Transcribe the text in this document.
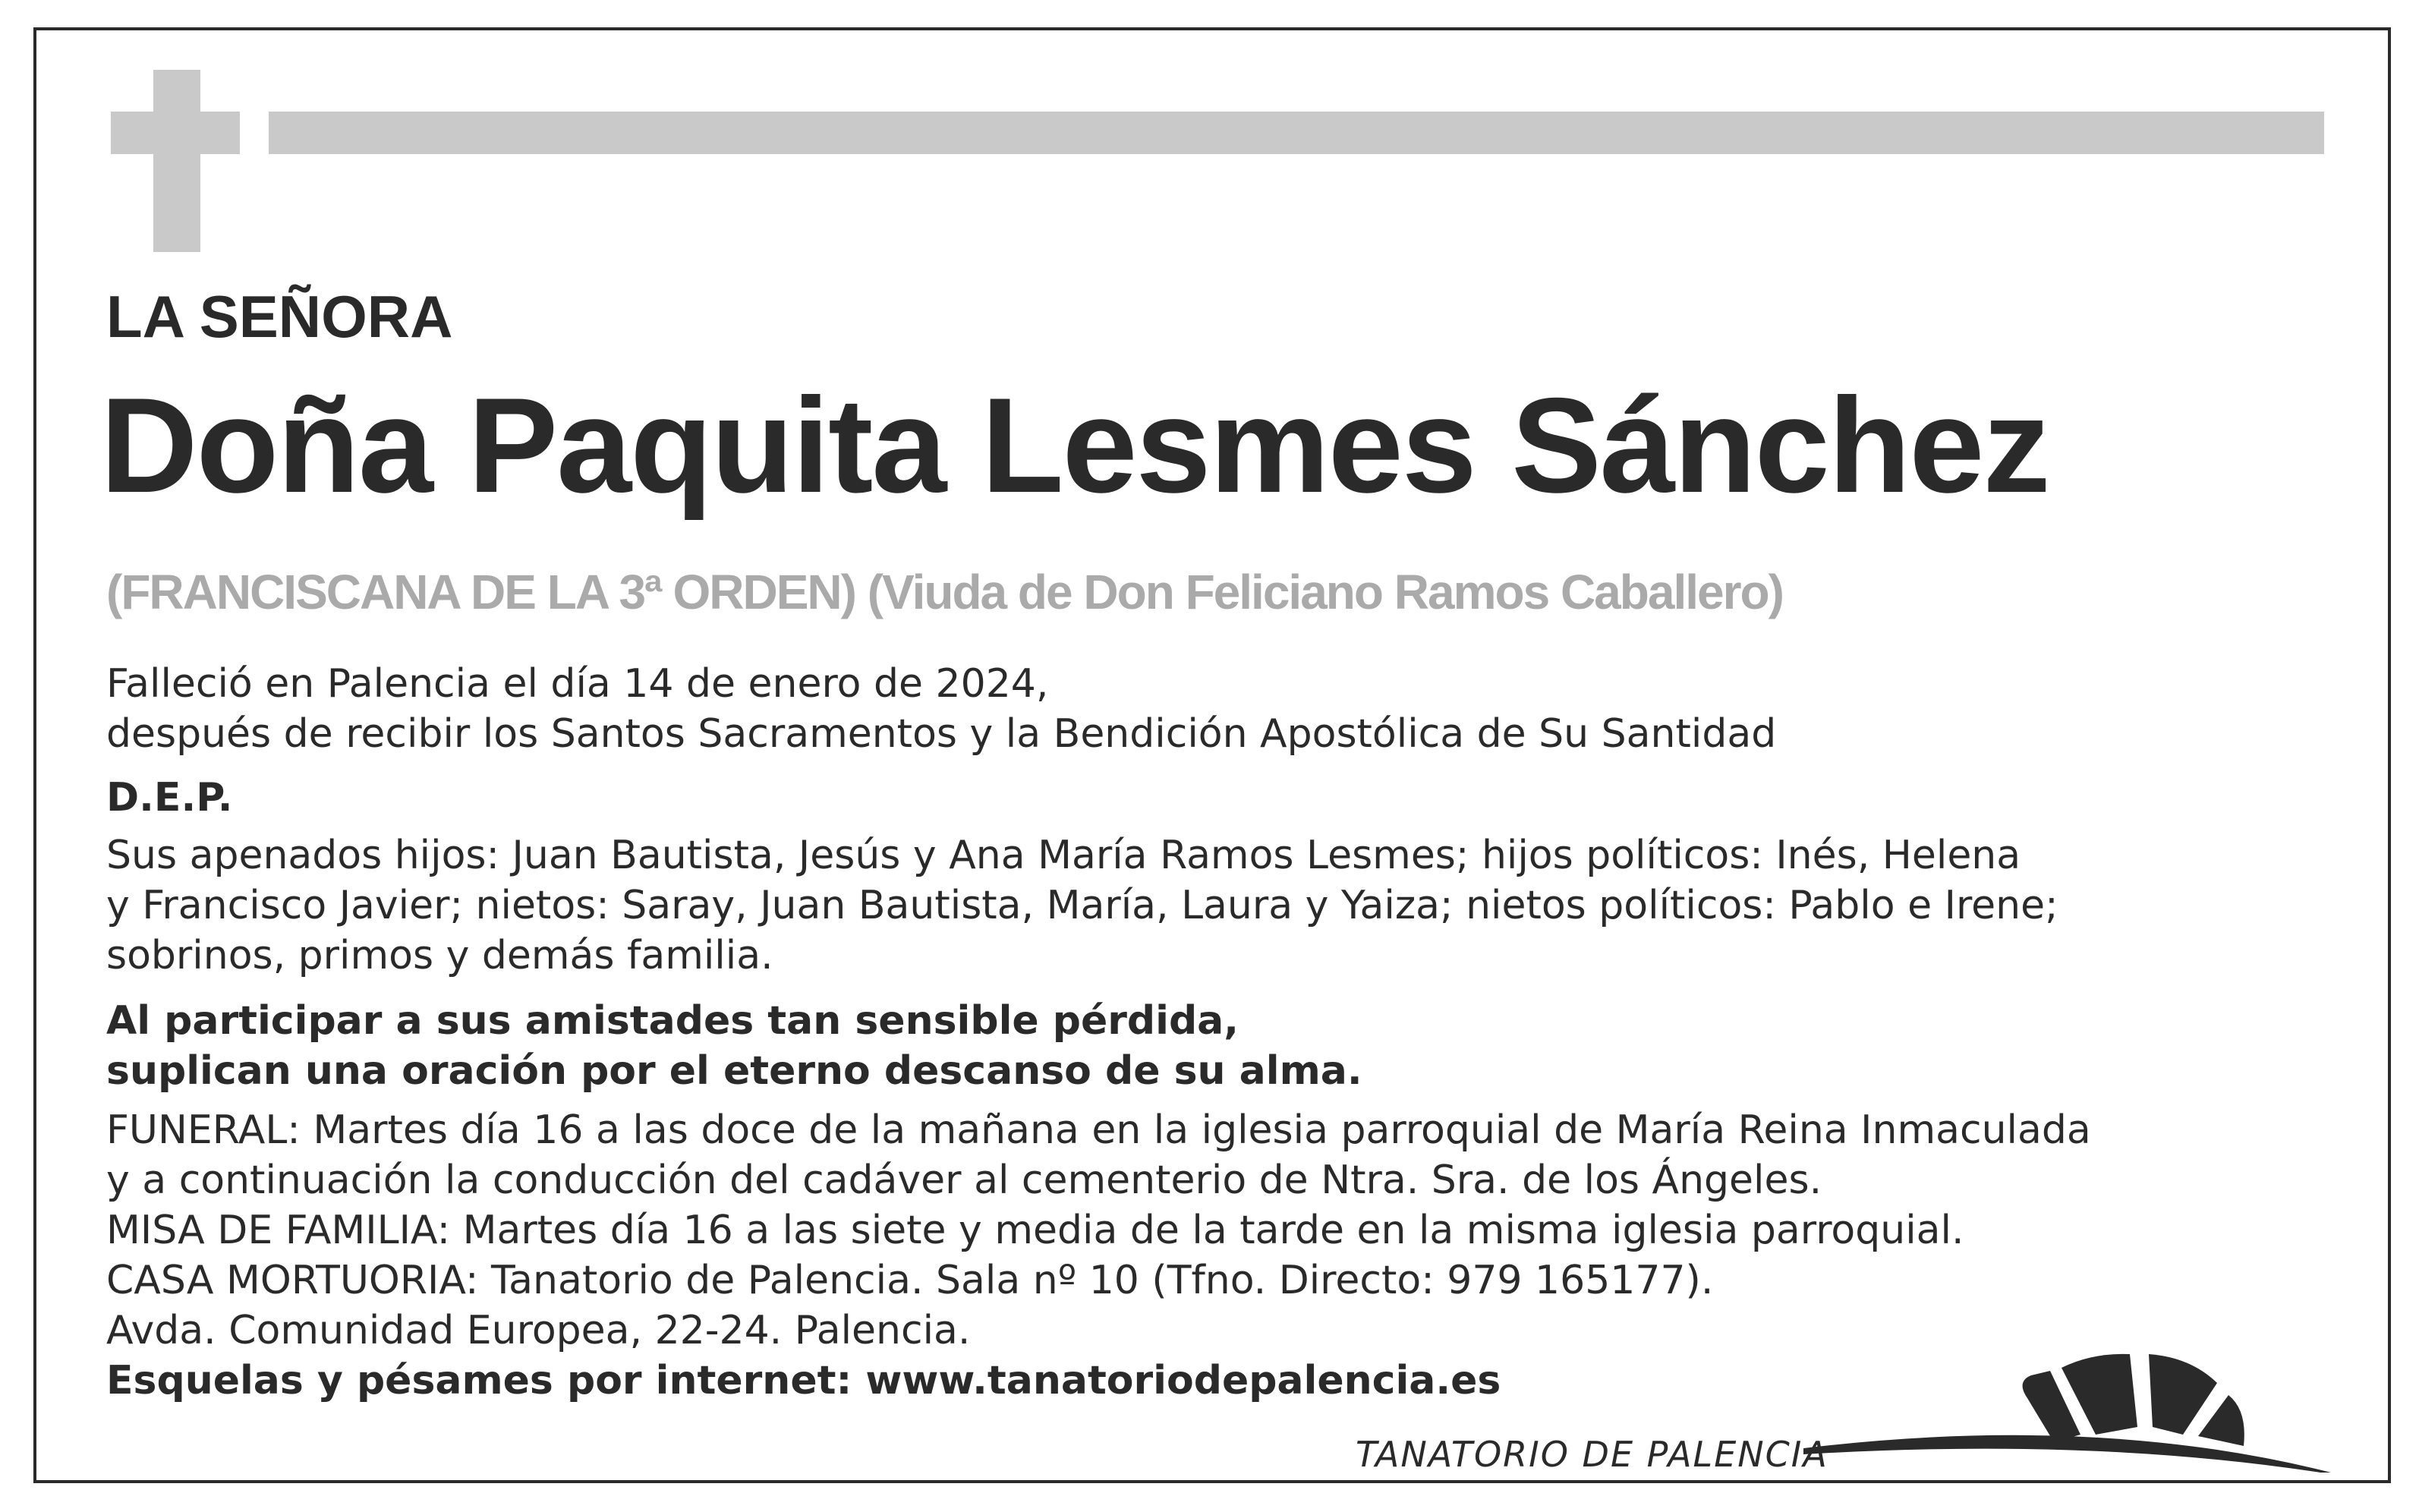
LA SEÑORA
Doña Paquita Lesmes Sánchez
(FRANCISCANA DE LA 3ª ORDEN) (Viuda de Don Feliciano Ramos Caballero)
Falleció en Palencia el día 14 de enero de 2024,
después de recibir los Santos Sacramentos y la Bendición Apostólica de Su Santidad
D.E.P.
Sus apenados hijos: Juan Bautista, Jesús y Ana María Ramos Lesmes; hijos políticos: Inés, Helena
y Francisco Javier; nietos: Saray, Juan Bautista, María, Laura y Yaiza; nietos políticos: Pablo e Irene;
sobrinos, primos y demás familia.
Al participar a sus amistades tan sensible pérdida,
suplican una oración por el eterno descanso de su alma.
FUNERAL: Martes día 16 a las doce de la mañana en la iglesia parroquial de María Reina Inmaculada
y a continuación la conducción del cadáver al cementerio de Ntra. Sra. de los Ángeles.
MISA DE FAMILIA: Martes día 16 a las siete y media de la tarde en la misma iglesia parroquial.
CASA MORTUORIA: Tanatorio de Palencia. Sala nº 10 (Tfno. Directo: 979 165177).
Avda. Comunidad Europea, 22-24. Palencia.
Esquelas y pésames por internet: www.tanatoriodepalencia.es
TANATORIO DE PALENCIA
